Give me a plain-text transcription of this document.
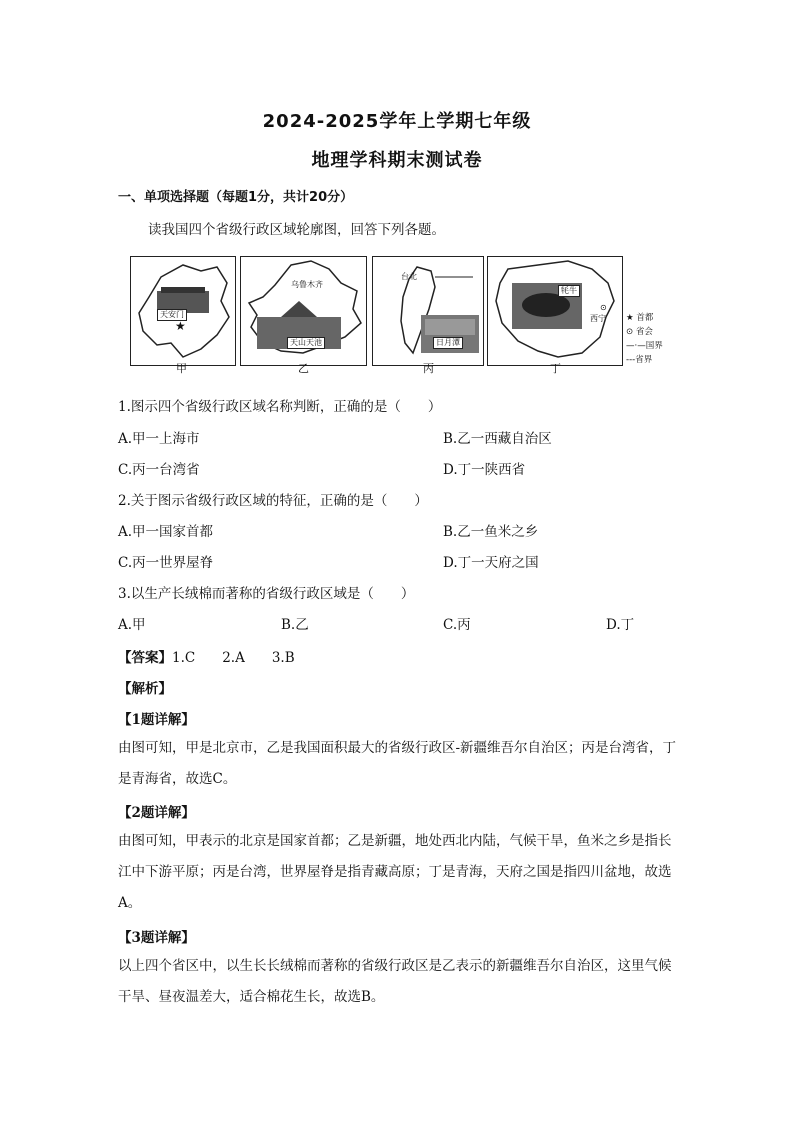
2024-2025学年上学期七年级
地理学科期末测试卷
一、单项选择题（每题1分，共计20分）
读我国四个省级行政区域轮廓图，回答下列各题。
天安门
★
乌鲁木齐
天山天池
台北
日月潭
牦牛
⊙
西宁 ★ 首都
⊙ 省会
—·—国界
---省界
甲	乙	丙	丁
1.图示四个省级行政区域名称判断，正确的是（　　）
A.甲一上海市	B.乙一西藏自治区
C.丙一台湾省	D.丁一陕西省
2.关于图示省级行政区域的特征，正确的是（　　）
A.甲一国家首都	B.乙一鱼米之乡
C.丙一世界屋脊	D.丁一天府之国
3.以生产长绒棉而著称的省级行政区域是（　　）
A.甲	B.乙	C.丙	D.丁
【答案】1.C　　2.A　　3.B
【解析】
【1题详解】
由图可知，甲是北京市，乙是我国面积最大的省级行政区-新疆维吾尔自治区；丙是台湾省，丁是青海省，故选C。
【2题详解】
由图可知，甲表示的北京是国家首都；乙是新疆，地处西北内陆，气候干旱，鱼米之乡是指长江中下游平原；丙是台湾，世界屋脊是指青藏高原；丁是青海，天府之国是指四川盆地，故选A。
【3题详解】
以上四个省区中，以生长长绒棉而著称的省级行政区是乙表示的新疆维吾尔自治区，这里气候干旱、昼夜温差大，适合棉花生长，故选B。
